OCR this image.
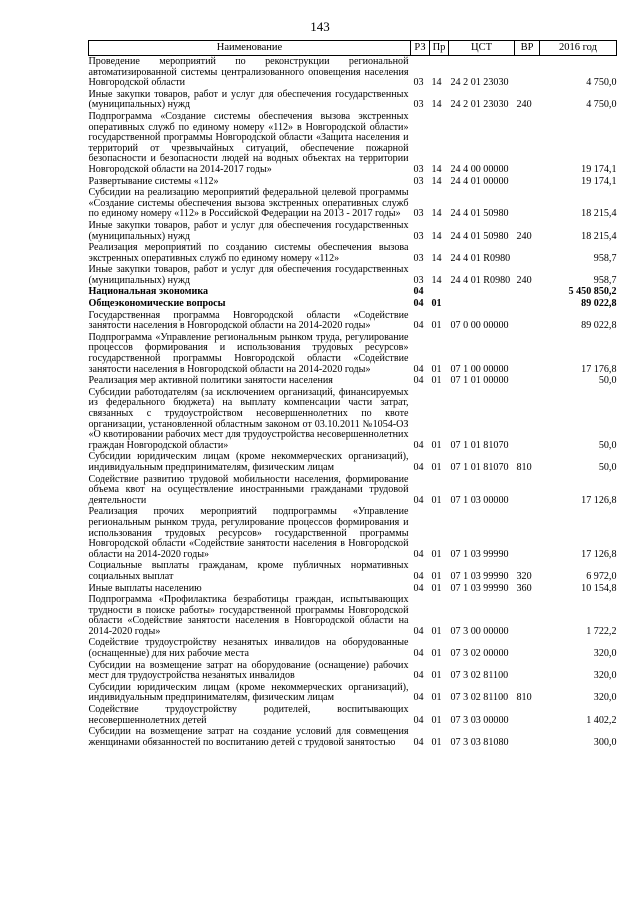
143
Наименование	РЗ	Пр	ЦСТ	ВР	2016 год
Проведение мероприятий по реконструкции региональной автоматизированной системы централизованного оповещения населения Новгородской области	03	14	24 2 01 23030		4 750,0
Иные закупки товаров, работ и услуг для обеспечения государственных (муниципальных) нужд	03	14	24 2 01 23030	240	4 750,0
Подпрограмма «Создание системы обеспечения вызова экстренных оперативных служб по единому номеру «112» в Новгородской области» государственной программы Новгородской области «Защита населения и территорий от чрезвычайных ситуаций, обеспечение пожарной безопасности и безопасности людей на водных объектах на территории Новгородской области на 2014-2017 годы»	03	14	24 4 00 00000		19 174,1
Развертывание системы «112»	03	14	24 4 01 00000		19 174,1
Субсидии на реализацию мероприятий федеральной целевой программы «Создание системы обеспечения вызова экстренных оперативных служб по единому номеру «112» в Российской Федерации на 2013 - 2017 годы»	03	14	24 4 01 50980		18 215,4
Иные закупки товаров, работ и услуг для обеспечения государственных (муниципальных) нужд	03	14	24 4 01 50980	240	18 215,4
Реализация мероприятий по созданию системы обеспечения вызова экстренных оперативных служб по единому номеру «112»	03	14	24 4 01 R0980		958,7
Иные закупки товаров, работ и услуг для обеспечения государственных (муниципальных) нужд	03	14	24 4 01 R0980	240	958,7
Национальная экономика	04				5 450 850,2
Общеэкономические вопросы	04	01			89 022,8
Государственная программа Новгородской области «Содействие занятости населения в Новгородской области на 2014-2020 годы»	04	01	07 0 00 00000		89 022,8
Подпрограмма «Управление региональным рынком труда, регулирование процессов формирования и использования трудовых ресурсов» государственной программы Новгородской области «Содействие занятости населения в Новгородской области на 2014-2020 годы»	04	01	07 1 00 00000		17 176,8
Реализация мер активной политики занятости населения	04	01	07 1 01 00000		50,0
Субсидии работодателям (за исключением организаций, финансируемых из федерального бюджета) на выплату компенсации части затрат, связанных с трудоустройством несовершеннолетних по квоте организации, установленной областным законом от 03.10.2011 №1054-ОЗ «О квотировании рабочих мест для трудоустройства несовершеннолетних граждан Новгородской области»	04	01	07 1 01 81070		50,0
Субсидии юридическим лицам (кроме некоммерческих организаций), индивидуальным предпринимателям, физическим лицам	04	01	07 1 01 81070	810	50,0
Содействие развитию трудовой мобильности населения, формирование объема квот на осуществление иностранными гражданами трудовой деятельности	04	01	07 1 03 00000		17 126,8
Реализация прочих мероприятий подпрограммы «Управление региональным рынком труда, регулирование процессов формирования и использования трудовых ресурсов» государственной программы Новгородской области «Содействие занятости населения в Новгородской области на 2014-2020 годы»	04	01	07 1 03 99990		17 126,8
Социальные выплаты гражданам, кроме публичных нормативных социальных выплат	04	01	07 1 03 99990	320	6 972,0
Иные выплаты населению	04	01	07 1 03 99990	360	10 154,8
Подпрограмма «Профилактика безработицы граждан, испытывающих трудности в поиске работы» государственной программы Новгородской области «Содействие занятости населения в Новгородской области на 2014-2020 годы»	04	01	07 3 00 00000		1 722,2
Содействие трудоустройству незанятых инвалидов на оборудованные (оснащенные) для них рабочие места	04	01	07 3 02 00000		320,0
Субсидии на возмещение затрат на оборудование (оснащение) рабочих мест для трудоустройства незанятых инвалидов	04	01	07 3 02 81100		320,0
Субсидии юридическим лицам (кроме некоммерческих организаций), индивидуальным предпринимателям, физическим лицам	04	01	07 3 02 81100	810	320,0
Содействие трудоустройству родителей, воспитывающих несовершеннолетних детей	04	01	07 3 03 00000		1 402,2
Субсидии на возмещение затрат на создание условий для совмещения женщинами обязанностей по воспитанию детей с трудовой занятостью	04	01	07 3 03 81080		300,0
